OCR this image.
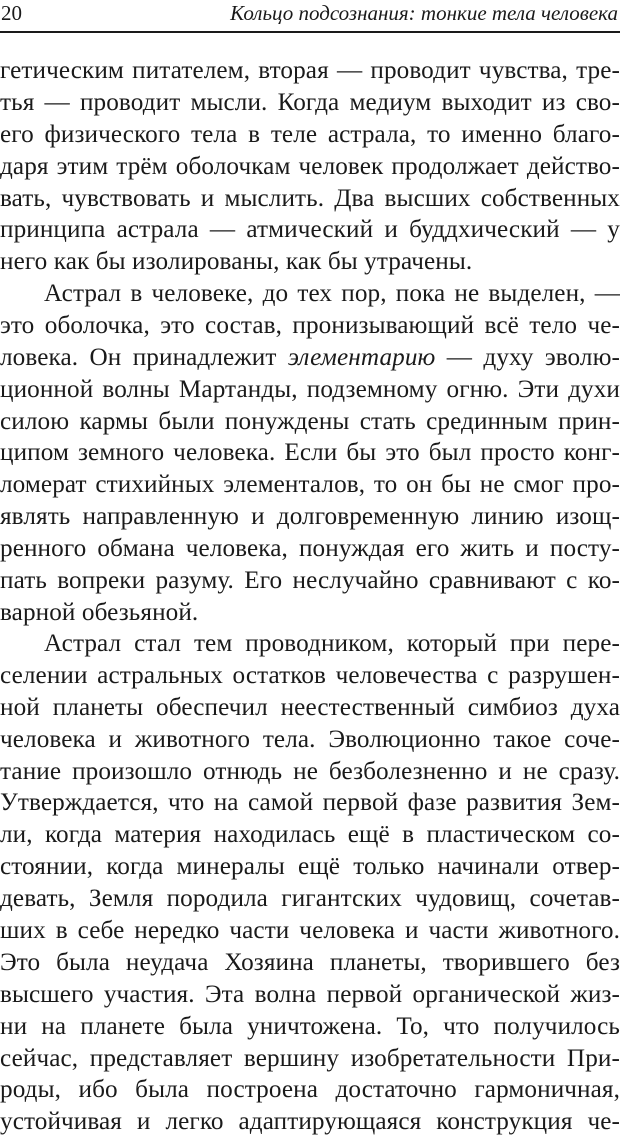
20	Кольцо подсознания: тонкие тела человека
гетическим питателем, вторая — проводит чувства, тре-
тья — проводит мысли. Когда медиум выходит из сво-
его физического тела в теле астрала, то именно благо-
даря этим трём оболочкам человек продолжает действо-
вать, чувствовать и мыслить. Два высших собственных
принципа астрала — атмический и буддхический — у
него как бы изолированы, как бы утрачены.
Астрал в человеке, до тех пор, пока не выделен, —
это оболочка, это состав, пронизывающий всё тело че-
ловека. Он принадлежит элементарию — духу эволю-
ционной волны Мартанды, подземному огню. Эти духи
силою кармы были понуждены стать срединным прин-
ципом земного человека. Если бы это был просто конг-
ломерат стихийных элементалов, то он бы не смог про-
являть направленную и долговременную линию изощ-
ренного обмана человека, понуждая его жить и посту-
пать вопреки разуму. Его неслучайно сравнивают с ко-
варной обезьяной.
Астрал стал тем проводником, который при пере-
селении астральных остатков человечества с разрушен-
ной планеты обеспечил неестественный симбиоз духа
человека и животного тела. Эволюционно такое соче-
тание произошло отнюдь не безболезненно и не сразу.
Утверждается, что на самой первой фазе развития Зем-
ли, когда материя находилась ещё в пластическом со-
стоянии, когда минералы ещё только начинали отвер-
девать, Земля породила гигантских чудовищ, сочетав-
ших в себе нередко части человека и части животного.
Это была неудача Хозяина планеты, творившего без
высшего участия. Эта волна первой органической жиз-
ни на планете была уничтожена. То, что получилось
сейчас, представляет вершину изобретательности При-
роды, ибо была построена достаточно гармоничная,
устойчивая и легко адаптирующаяся конструкция че-
